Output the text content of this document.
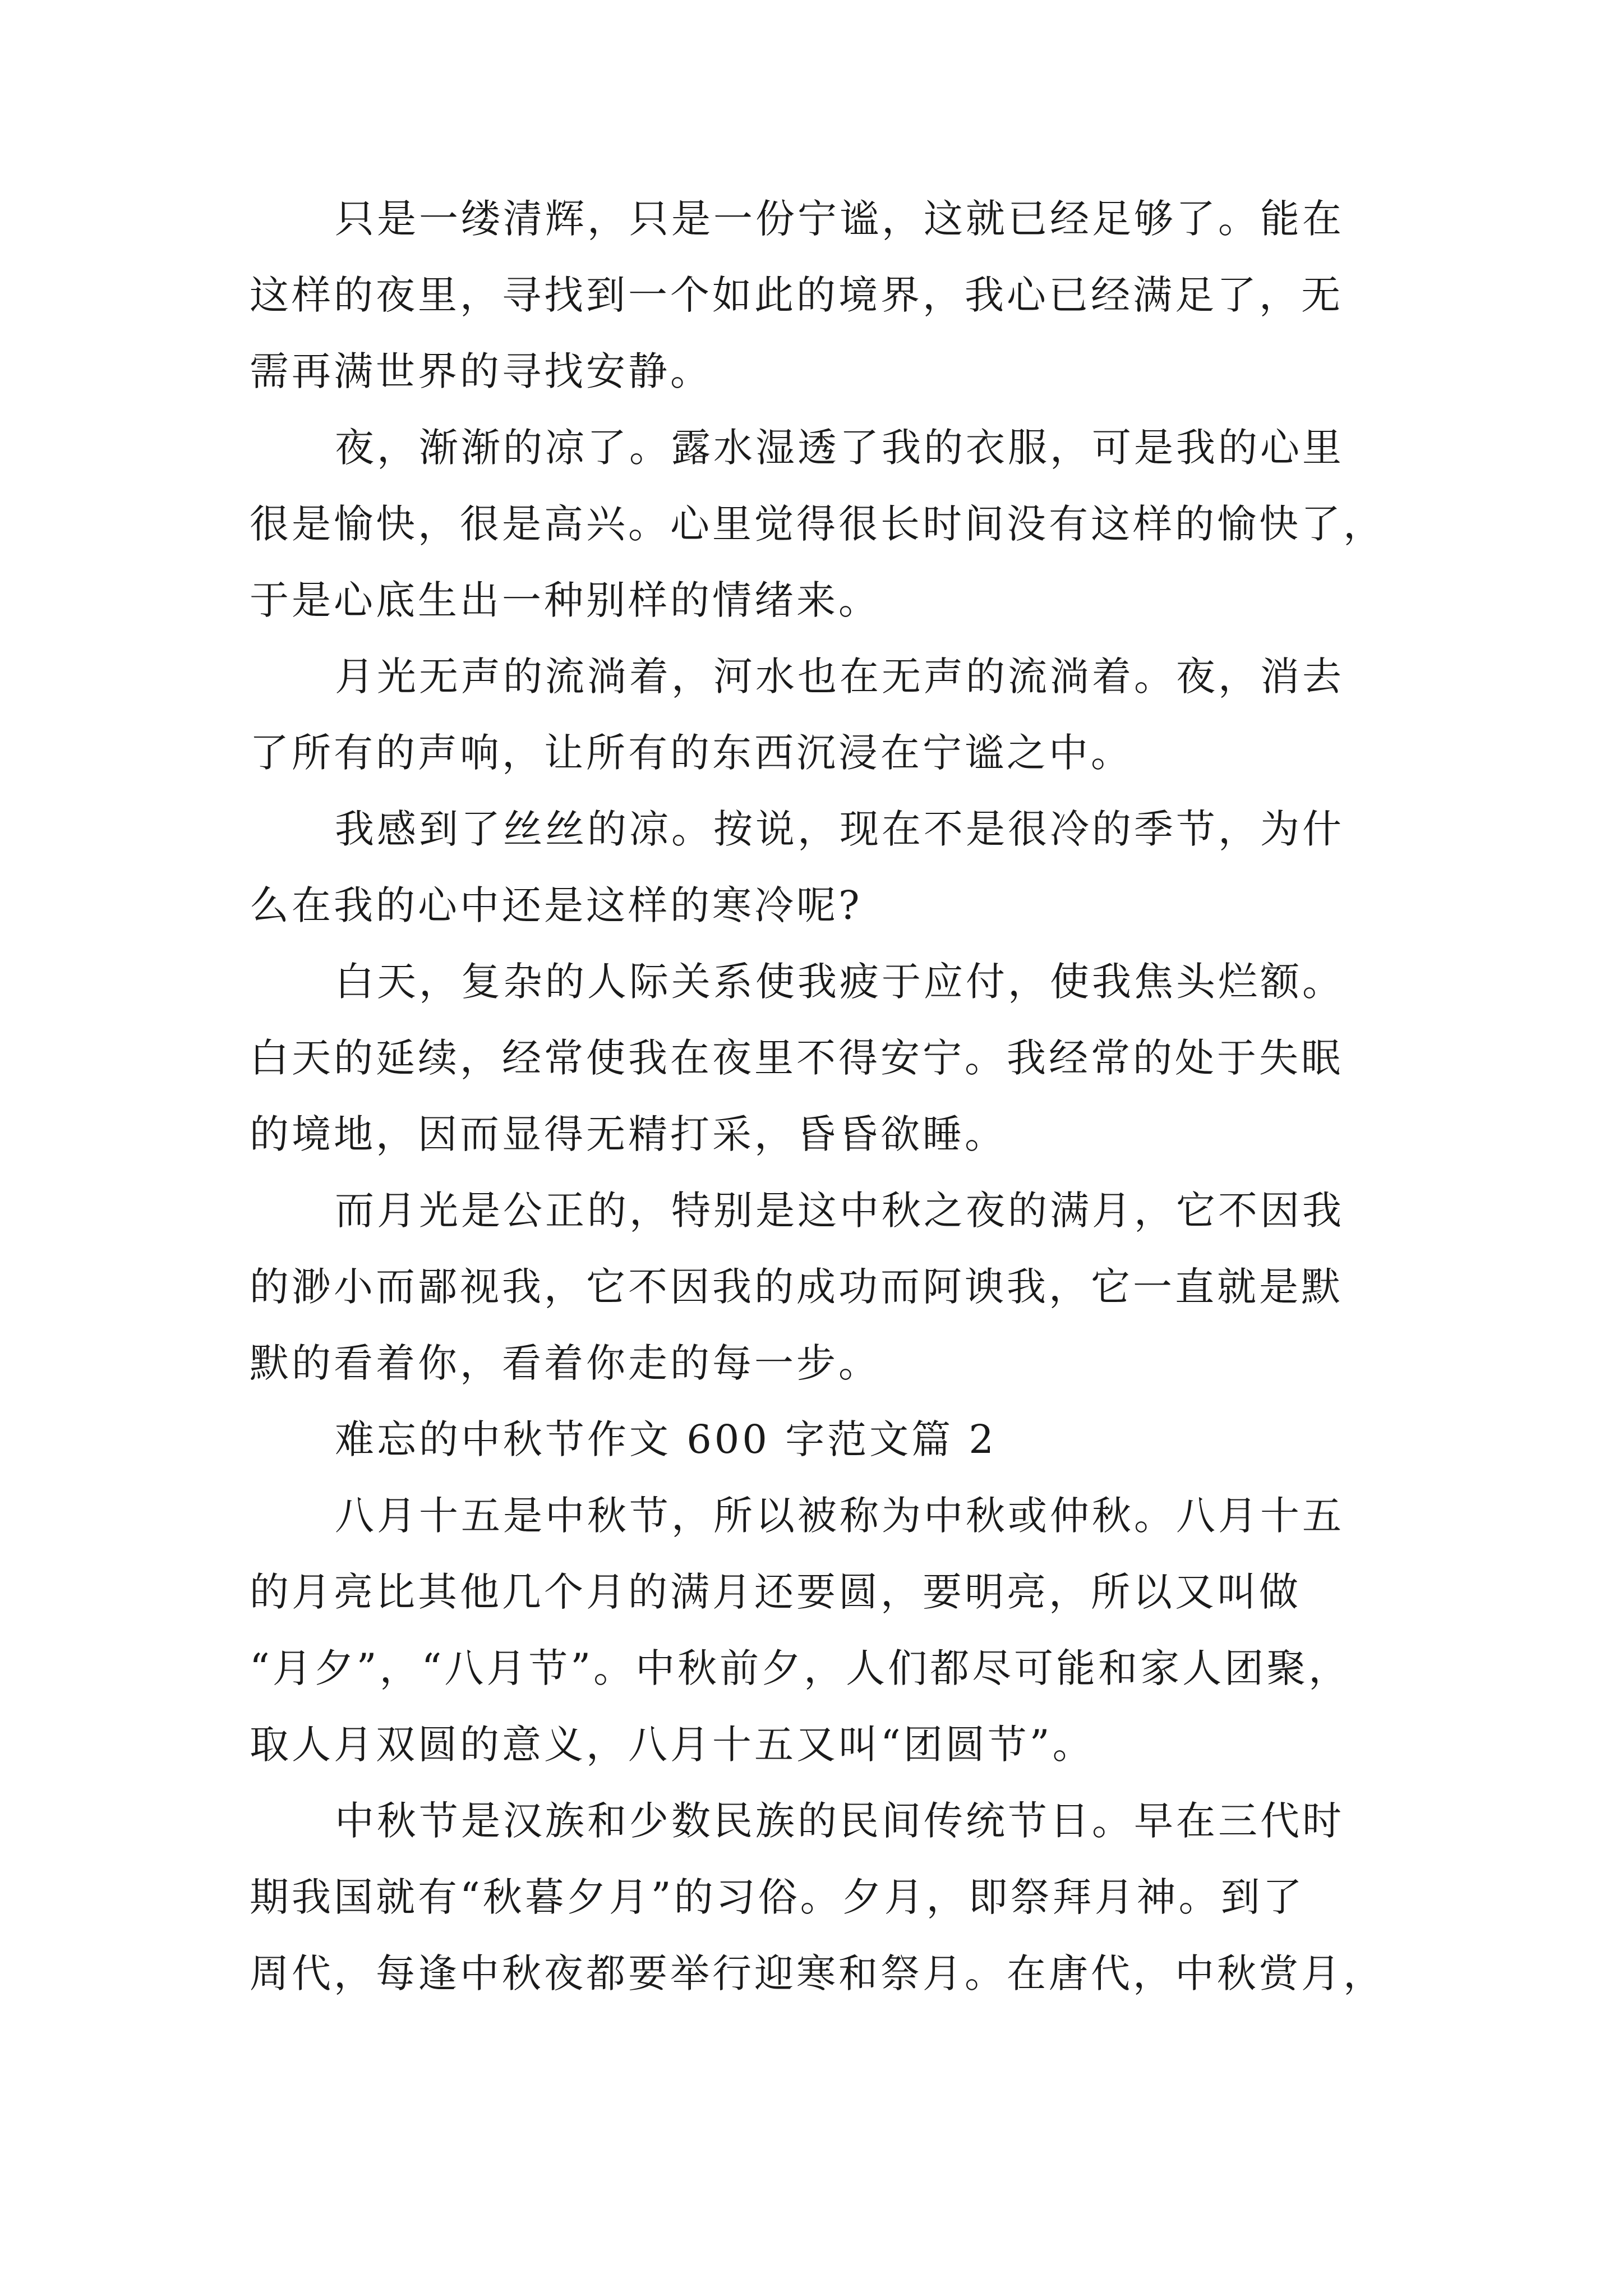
只是一缕清辉，只是一份宁谧，这就已经足够了。能在
这样的夜里，寻找到一个如此的境界，我心已经满足了，无
需再满世界的寻找安静。
夜，渐渐的凉了。露水湿透了我的衣服，可是我的心里
很是愉快，很是高兴。心里觉得很长时间没有这样的愉快了，
于是心底生出一种别样的情绪来。
月光无声的流淌着，河水也在无声的流淌着。夜，消去
了所有的声响，让所有的东西沉浸在宁谧之中。
我感到了丝丝的凉。按说，现在不是很冷的季节，为什
么在我的心中还是这样的寒冷呢?
白天，复杂的人际关系使我疲于应付，使我焦头烂额。
白天的延续，经常使我在夜里不得安宁。我经常的处于失眠
的境地，因而显得无精打采，昏昏欲睡。
而月光是公正的，特别是这中秋之夜的满月，它不因我
的渺小而鄙视我，它不因我的成功而阿谀我，它一直就是默
默的看着你，看着你走的每一步。
难忘的中秋节作文 600 字范文篇 2
八月十五是中秋节，所以被称为中秋或仲秋。八月十五
的月亮比其他几个月的满月还要圆，要明亮，所以又叫做
“月夕”，“八月节”。中秋前夕，人们都尽可能和家人团聚，
取人月双圆的意义，八月十五又叫“团圆节”。
中秋节是汉族和少数民族的民间传统节日。早在三代时
期我国就有“秋暮夕月”的习俗。夕月，即祭拜月神。到了
周代，每逢中秋夜都要举行迎寒和祭月。在唐代，中秋赏月，
